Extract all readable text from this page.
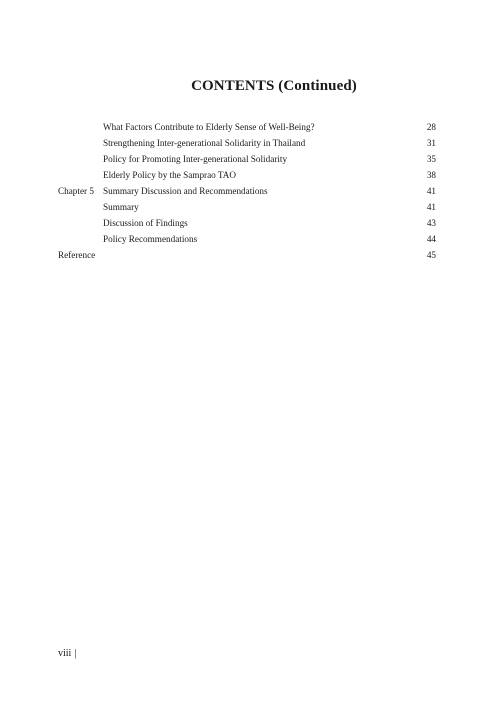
CONTENTS (Continued)
What Factors Contribute to Elderly Sense of Well-Being?	28
Strengthening Inter-generational Solidarity in Thailand	31
Policy for Promoting Inter-generational Solidarity	35
Elderly Policy by the Samprao TAO	38
Chapter 5 Summary Discussion and Recommendations	41
Summary	41
Discussion of Findings	43
Policy Recommendations	44
Reference	45
viii |
